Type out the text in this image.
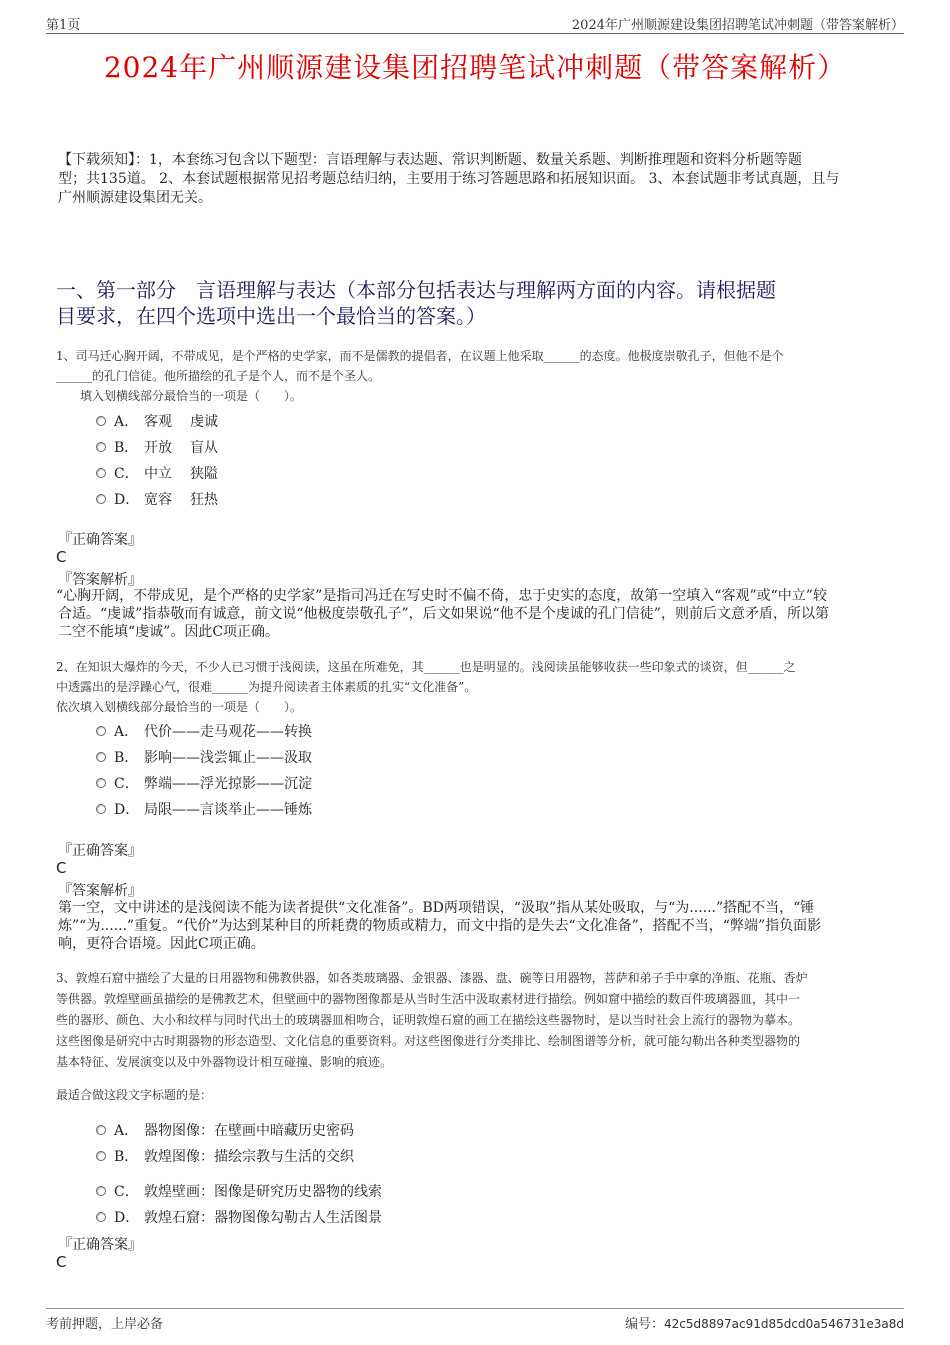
第1页	2024年广州顺源建设集团招聘笔试冲刺题（带答案解析）
2024年广州顺源建设集团招聘笔试冲刺题（带答案解析）
【下载须知】：1，本套练习包含以下题型：言语理解与表达题、常识判断题、数量关系题、判断推理题和资料分析题等题
型；共135道。 2、本套试题根据常见招考题总结归纳，主要用于练习答题思路和拓展知识面。 3、本套试题非考试真题，且与
广州顺源建设集团无关。
一、第一部分　言语理解与表达（本部分包括表达与理解两方面的内容。请根据题
目要求，在四个选项中选出一个最恰当的答案。）
1、司马迁心胸开阔，不带成见，是个严格的史学家，而不是儒教的提倡者，在议题上他采取______的态度。他极度崇敬孔子，但他不是个
______的孔门信徒。他所描绘的孔子是个人，而不是个圣人。
填入划横线部分最恰当的一项是（　　）。
A． 客观	虔诚
B． 开放	盲从
C． 中立	狭隘
D． 宽容	狂热
『正确答案』
C
『答案解析』
“心胸开阔，不带成见，是个严格的史学家”是指司冯迁在写史时不偏不倚，忠于史实的态度，故第一空填入“客观”或“中立”较
合适。“虔诚”指恭敬而有诚意，前文说“他极度崇敬孔子”，后文如果说“他不是个虔诚的孔门信徒”，则前后文意矛盾，所以第
二空不能填“虔诚”。因此C项正确。
2、在知识大爆炸的今天，不少人已习惯于浅阅读，这虽在所难免，其______也是明显的。浅阅读虽能够收获一些印象式的谈资，但______之
中透露出的是浮躁心气，很难______为提升阅读者主体素质的扎实“文化准备”。
依次填入划横线部分最恰当的一项是（　　）。
A． 代价——走马观花——转换
B． 影响——浅尝辄止——汲取
C． 弊端——浮光掠影——沉淀
D． 局限——言谈举止——锤炼
『正确答案』
C
『答案解析』
第一空，文中讲述的是浅阅读不能为读者提供“文化准备”。BD两项错误，“汲取”指从某处吸取，与“为......”搭配不当，“锤
炼”“为......”重复。“代价”为达到某种目的所耗费的物质或精力，而文中指的是失去“文化准备”，搭配不当，“弊端”指负面影
响，更符合语境。因此C项正确。
3、敦煌石窟中描绘了大量的日用器物和佛教供器，如各类玻璃器、金银器、漆器、盘、碗等日用器物，菩萨和弟子手中拿的净瓶、花瓶、香炉
等供器。敦煌壁画虽描绘的是佛教艺术，但壁画中的器物图像都是从当时生活中汲取素材进行描绘。例如窟中描绘的数百件玻璃器皿，其中一
些的器形、颜色、大小和纹样与同时代出土的玻璃器皿相吻合，证明敦煌石窟的画工在描绘这些器物时，是以当时社会上流行的器物为摹本。
这些图像是研究中古时期器物的形态造型、文化信息的重要资料。对这些图像进行分类排比、绘制图谱等分析，就可能勾勒出各种类型器物的
基本特征、发展演变以及中外器物设计相互碰撞、影响的痕迹。
最适合做这段文字标题的是：
A． 器物图像：在壁画中暗藏历史密码
B． 敦煌图像：描绘宗教与生活的交织
C． 敦煌壁画：图像是研究历史器物的线索
D． 敦煌石窟：器物图像勾勒古人生活图景
『正确答案』
C
考前押题，上岸必备	编号：42c5d8897ac91d85dcd0a546731e3a8d
